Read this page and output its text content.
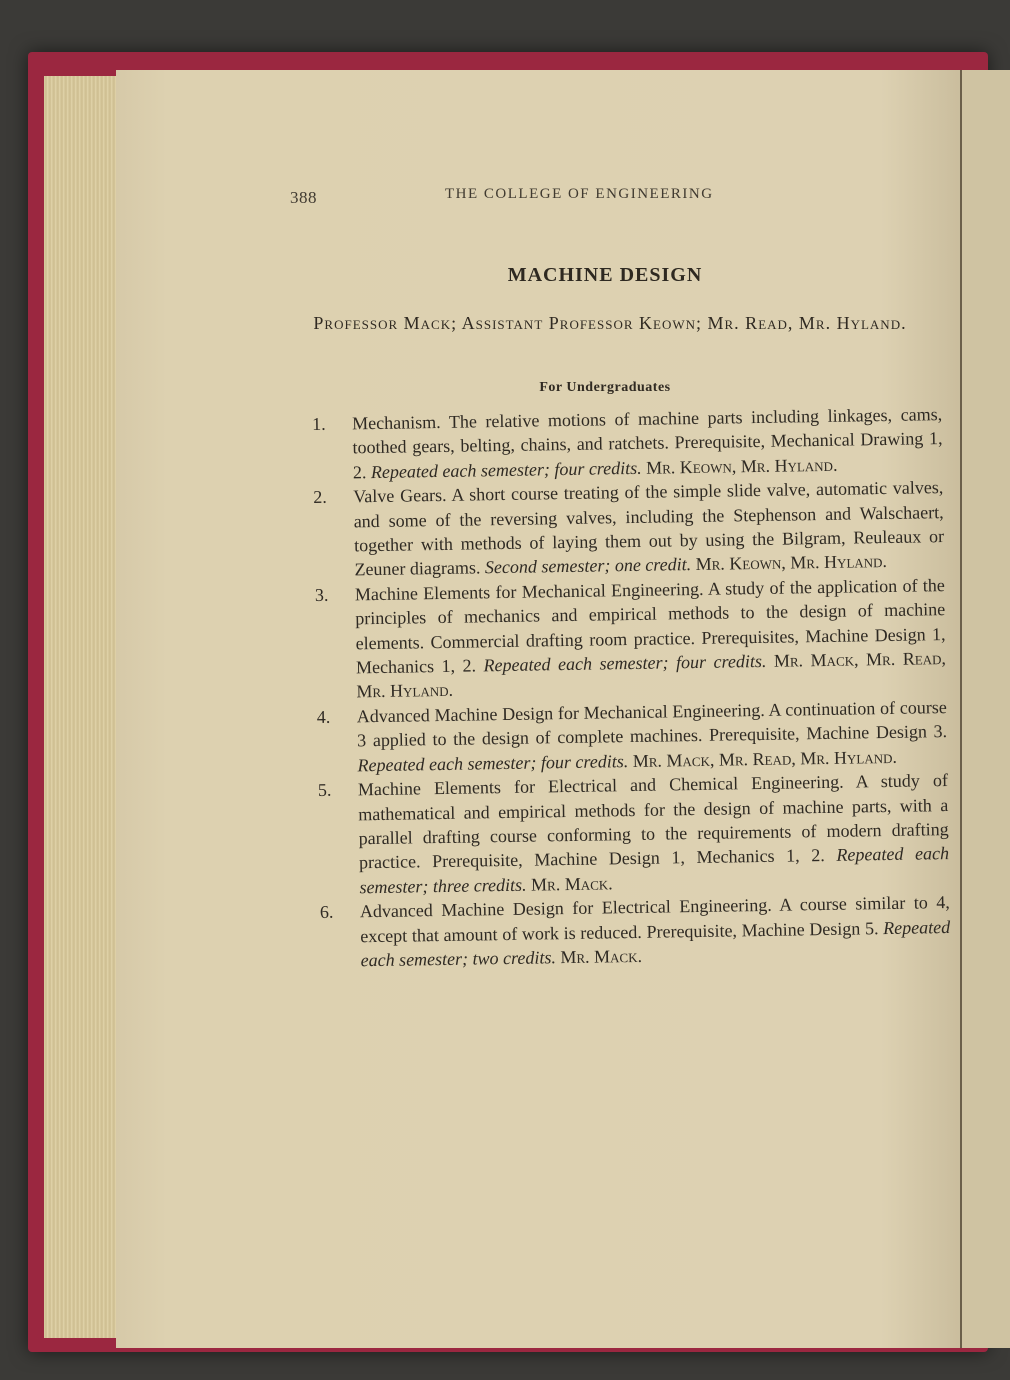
388	THE COLLEGE OF ENGINEERING
MACHINE DESIGN
Professor Mack; Assistant Professor Keown; Mr. Read, Mr. Hyland.
For Undergraduates
1. Mechanism. The relative motions of machine parts including linkages, cams, toothed gears, belting, chains, and ratchets. Prerequisite, Mechanical Drawing 1, 2. Repeated each semester; four credits. Mr. Keown, Mr. Hyland.
2. Valve Gears. A short course treating of the simple slide valve, automatic valves, and some of the reversing valves, including the Stephenson and Walschaert, together with methods of laying them out by using the Bilgram, Reuleaux or Zeuner diagrams. Second semester; one credit. Mr. Keown, Mr. Hyland.
3. Machine Elements for Mechanical Engineering. A study of the application of the principles of mechanics and empirical methods to the design of machine elements. Commercial drafting room practice. Prerequisites, Machine Design 1, Mechanics 1, 2. Repeated each semester; four credits. Mr. Mack, Mr. Read, Mr. Hyland.
4. Advanced Machine Design for Mechanical Engineering. A continuation of course 3 applied to the design of complete machines. Prerequisite, Machine Design 3. Repeated each semester; four credits. Mr. Mack, Mr. Read, Mr. Hyland.
5. Machine Elements for Electrical and Chemical Engineering. A study of mathematical and empirical methods for the design of machine parts, with a parallel drafting course conforming to the requirements of modern drafting practice. Prerequisite, Machine Design 1, Mechanics 1, 2. Repeated each semester; three credits. Mr. Mack.
6. Advanced Machine Design for Electrical Engineering. A course similar to 4, except that amount of work is reduced. Prerequisite, Machine Design 5. Repeated each semester; two credits. Mr. Mack.
